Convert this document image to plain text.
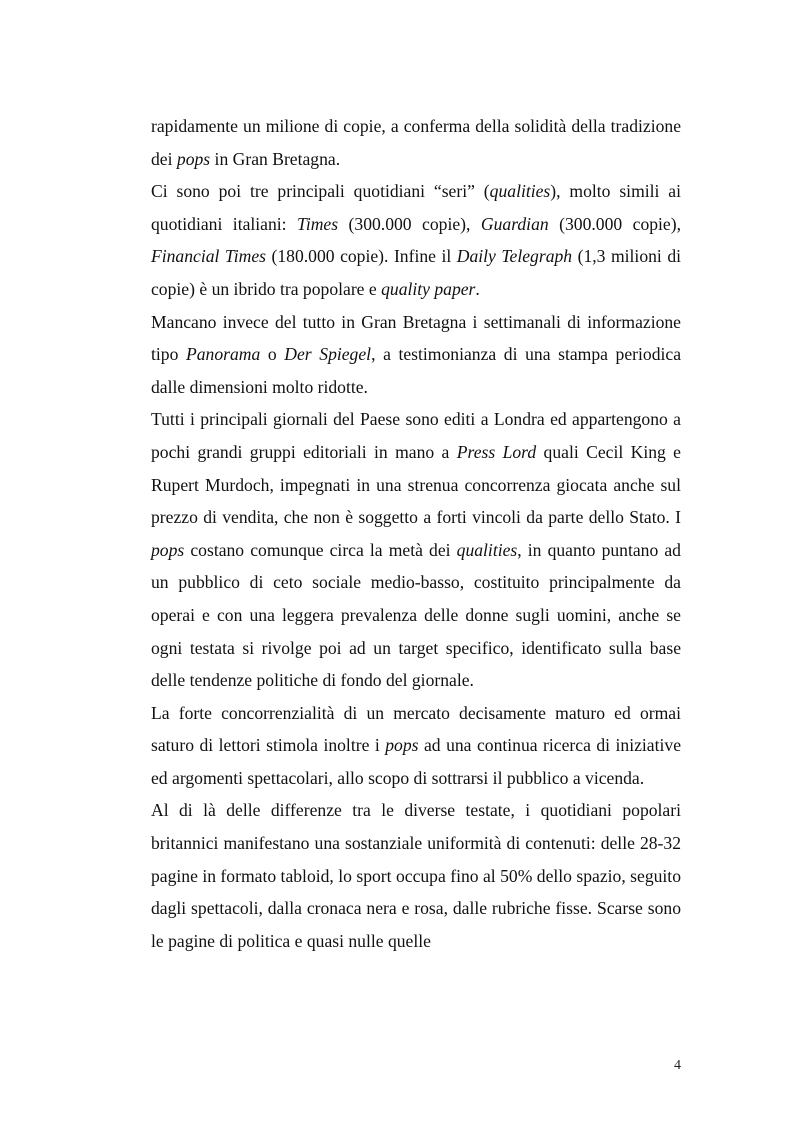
rapidamente un milione di copie, a conferma della solidità della tradizione dei pops in Gran Bretagna.

Ci sono poi tre principali quotidiani “seri” (qualities), molto simili ai quotidiani italiani: Times (300.000 copie), Guardian (300.000 copie), Financial Times (180.000 copie). Infine il Daily Telegraph (1,3 milioni di copie) è un ibrido tra popolare e quality paper.

Mancano invece del tutto in Gran Bretagna i settimanali di informazione tipo Panorama o Der Spiegel, a testimonianza di una stampa periodica dalle dimensioni molto ridotte.

Tutti i principali giornali del Paese sono editi a Londra ed appartengono a pochi grandi gruppi editoriali in mano a Press Lord quali Cecil King e Rupert Murdoch, impegnati in una strenua concorrenza giocata anche sul prezzo di vendita, che non è soggetto a forti vincoli da parte dello Stato. I pops costano comunque circa la metà dei qualities, in quanto puntano ad un pubblico di ceto sociale medio-basso, costituito principalmente da operai e con una leggera prevalenza delle donne sugli uomini, anche se ogni testata si rivolge poi ad un target specifico, identificato sulla base delle tendenze politiche di fondo del giornale.

La forte concorrenzialità di un mercato decisamente maturo ed ormai saturo di lettori stimola inoltre i pops ad una continua ricerca di iniziative ed argomenti spettacolari, allo scopo di sottrarsi il pubblico a vicenda.

Al di là delle differenze tra le diverse testate, i quotidiani popolari britannici manifestano una sostanziale uniformità di contenuti: delle 28-32 pagine in formato tabloid, lo sport occupa fino al 50% dello spazio, seguito dagli spettacoli, dalla cronaca nera e rosa, dalle rubriche fisse. Scarse sono le pagine di politica e quasi nulle quelle

4
